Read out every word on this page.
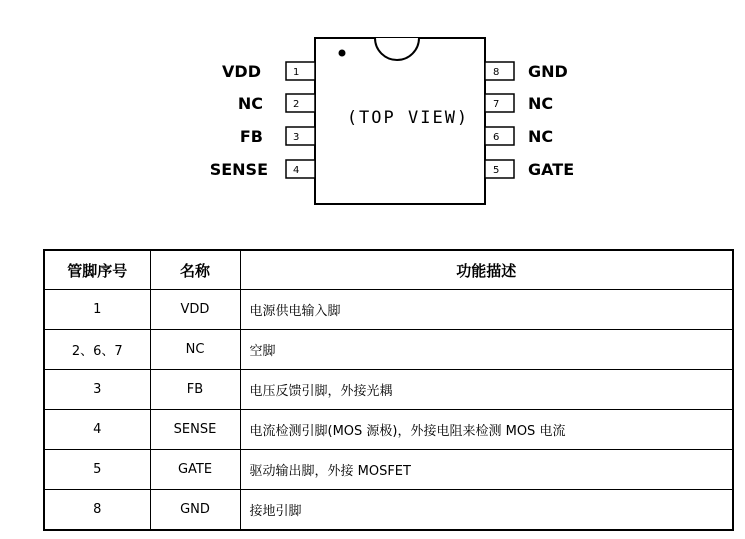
(TOP VIEW)
1
VDD
2
NC
3
FB
4
SENSE
8 GND
7 NC
6 NC
5 GATE
管脚序号	名称	功能描述
1	VDD	电源供电输入脚
2、6、7	NC	空脚
3	FB	电压反馈引脚，外接光耦
4	SENSE	电流检测引脚(MOS 源极)，外接电阻来检测 MOS 电流
5	GATE	驱动输出脚，外接 MOSFET
8	GND	接地引脚
